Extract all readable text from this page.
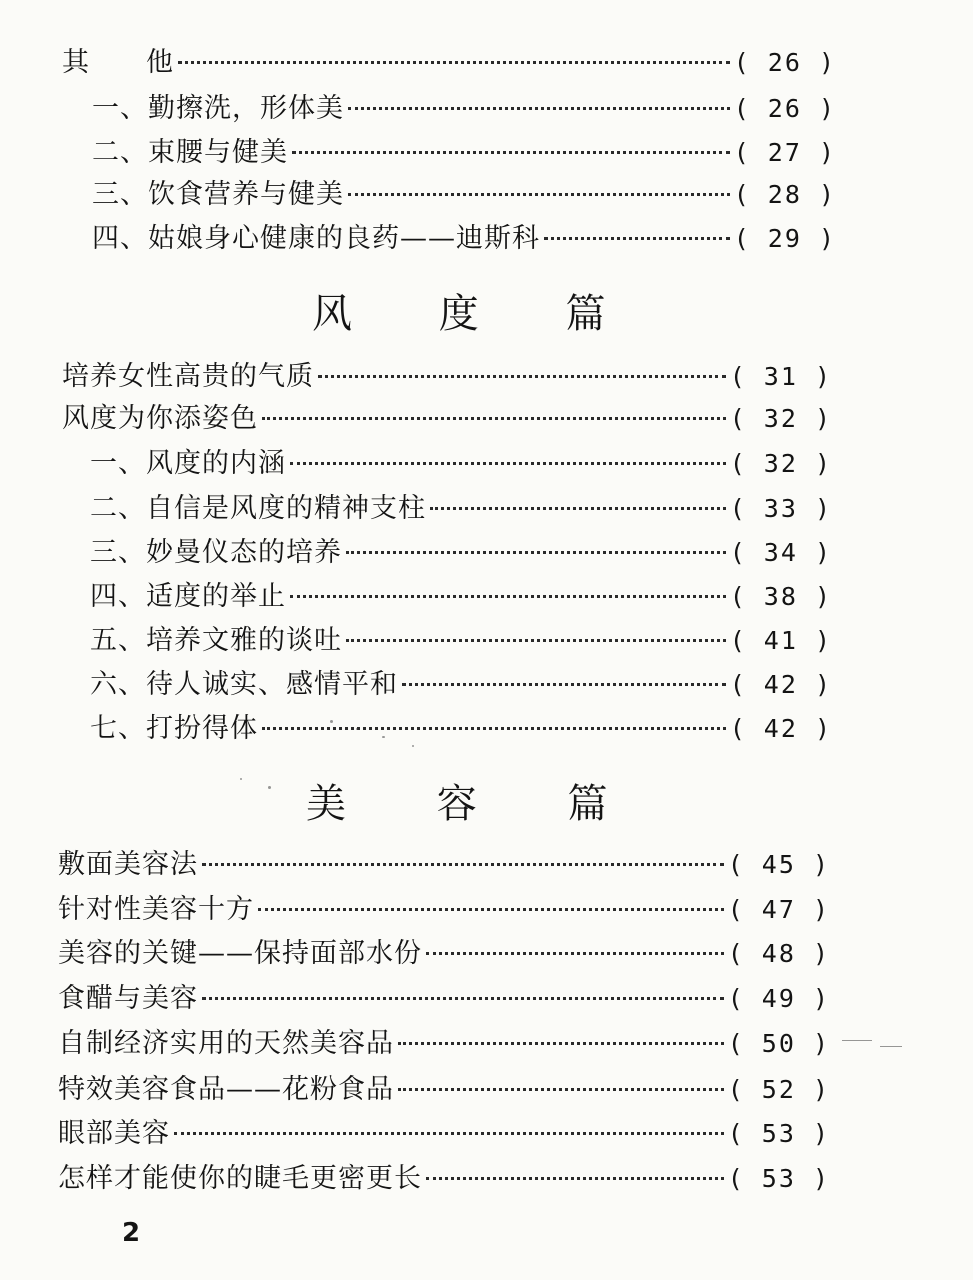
其　　他	( 26 )
一、勤擦洗，形体美	( 26 )
二、束腰与健美	( 27 )
三、饮食营养与健美	( 28 )
四、姑娘身心健康的良药——迪斯科	( 29 )
风 度 篇
培养女性高贵的气质	( 31 )
风度为你添姿色	( 32 )
一、风度的内涵	( 32 )
二、自信是风度的精神支柱	( 33 )
三、妙曼仪态的培养	( 34 )
四、适度的举止	( 38 )
五、培养文雅的谈吐	( 41 )
六、待人诚实、感情平和	( 42 )
七、打扮得体	( 42 )
美 容 篇
敷面美容法	( 45 )
针对性美容十方	( 47 )
美容的关键——保持面部水份	( 48 )
食醋与美容	( 49 )
自制经济实用的天然美容品	( 50 )
特效美容食品——花粉食品	( 52 )
眼部美容	( 53 )
怎样才能使你的睫毛更密更长	( 53 )
2
